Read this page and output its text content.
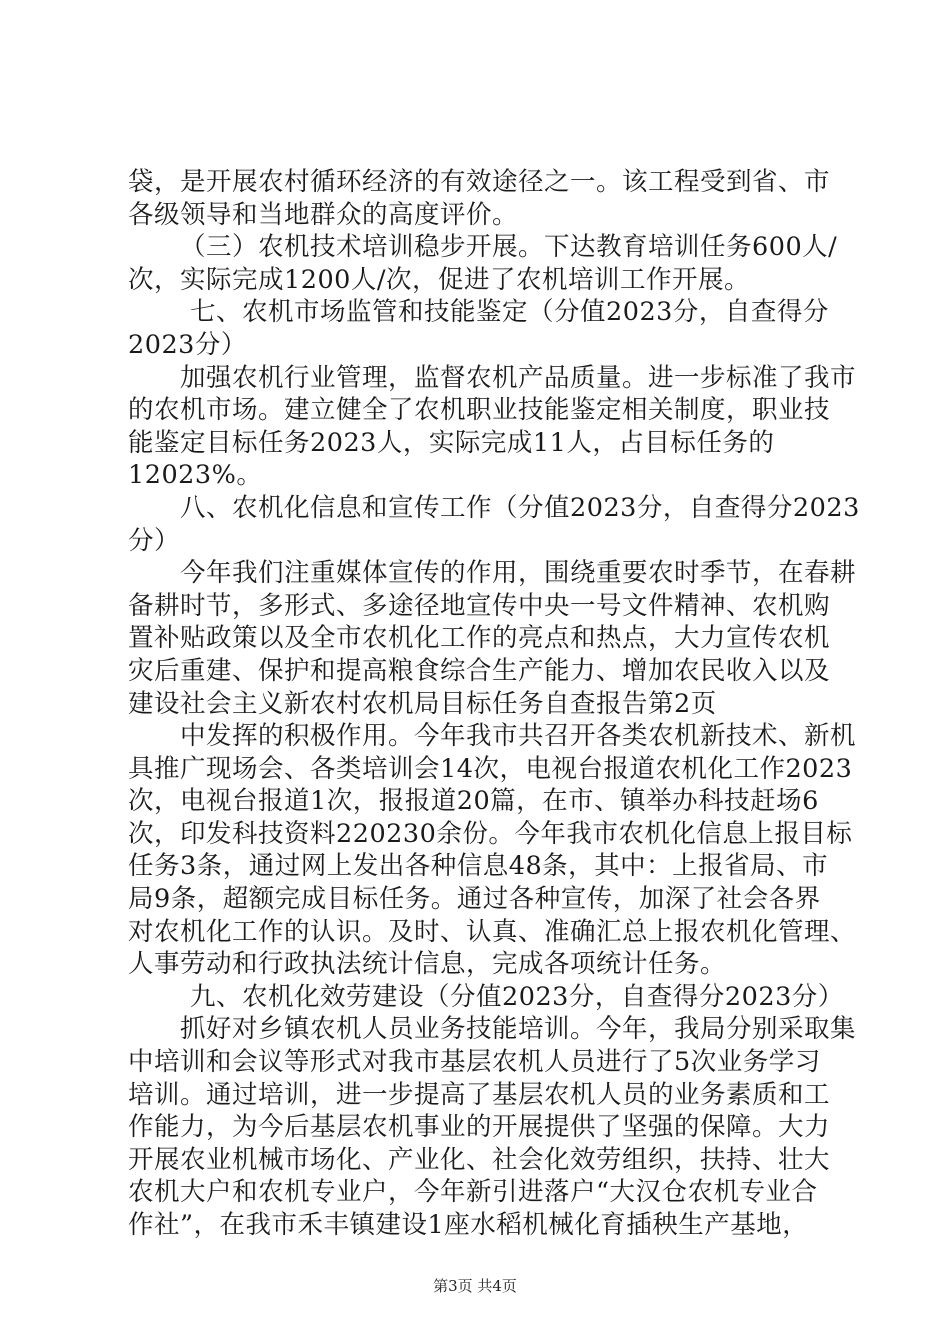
袋，是开展农村循环经济的有效途径之一。该工程受到省、市
各级领导和当地群众的高度评价。
（三）农机技术培训稳步开展。下达教育培训任务600人/
次，实际完成1200人/次，促进了农机培训工作开展。
七、农机市场监管和技能鉴定（分值2023分，自查得分
2023分）
加强农机行业管理，监督农机产品质量。进一步标准了我市
的农机市场。建立健全了农机职业技能鉴定相关制度，职业技
能鉴定目标任务2023人，实际完成11人，占目标任务的
12023%。
八、农机化信息和宣传工作（分值2023分，自查得分2023
分）
今年我们注重媒体宣传的作用，围绕重要农时季节，在春耕
备耕时节，多形式、多途径地宣传中央一号文件精神、农机购
置补贴政策以及全市农机化工作的亮点和热点，大力宣传农机
灾后重建、保护和提高粮食综合生产能力、增加农民收入以及
建设社会主义新农村农机局目标任务自查报告第2页
中发挥的积极作用。今年我市共召开各类农机新技术、新机
具推广现场会、各类培训会14次，电视台报道农机化工作2023
次，电视台报道1次，报报道20篇，在市、镇举办科技赶场6
次，印发科技资料220230余份。今年我市农机化信息上报目标
任务3条，通过网上发出各种信息48条，其中：上报省局、市
局9条，超额完成目标任务。通过各种宣传，加深了社会各界
对农机化工作的认识。及时、认真、准确汇总上报农机化管理、
人事劳动和行政执法统计信息，完成各项统计任务。
九、农机化效劳建设（分值2023分，自查得分2023分）
抓好对乡镇农机人员业务技能培训。今年，我局分别采取集
中培训和会议等形式对我市基层农机人员进行了5次业务学习
培训。通过培训，进一步提高了基层农机人员的业务素质和工
作能力，为今后基层农机事业的开展提供了坚强的保障。大力
开展农业机械市场化、产业化、社会化效劳组织，扶持、壮大
农机大户和农机专业户，今年新引进落户“大汉仓农机专业合
作社”，在我市禾丰镇建设1座水稻机械化育插秧生产基地，
第3页 共4页
